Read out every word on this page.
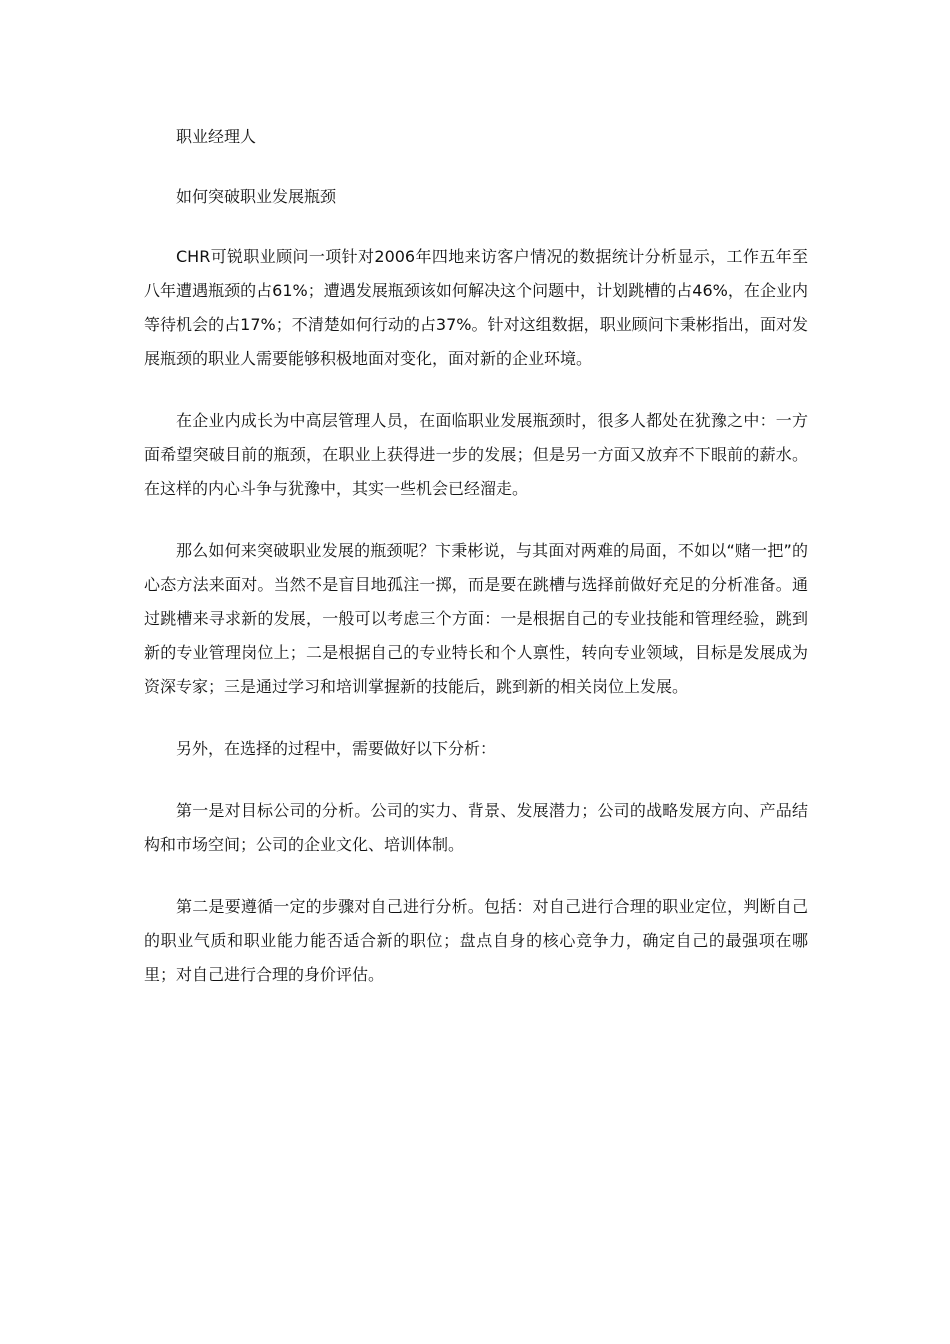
职业经理人

如何突破职业发展瓶颈

CHR可锐职业顾问一项针对2006年四地来访客户情况的数据统计分析显示，工作五年至八年遭遇瓶颈的占61%；遭遇发展瓶颈该如何解决这个问题中，计划跳槽的占46%，在企业内等待机会的占17%；不清楚如何行动的占37%。针对这组数据，职业顾问卞秉彬指出，面对发展瓶颈的职业人需要能够积极地面对变化，面对新的企业环境。

在企业内成长为中高层管理人员，在面临职业发展瓶颈时，很多人都处在犹豫之中：一方面希望突破目前的瓶颈，在职业上获得进一步的发展；但是另一方面又放弃不下眼前的薪水。在这样的内心斗争与犹豫中，其实一些机会已经溜走。

那么如何来突破职业发展的瓶颈呢？卞秉彬说，与其面对两难的局面，不如以“赌一把”的心态方法来面对。当然不是盲目地孤注一掷，而是要在跳槽与选择前做好充足的分析准备。通过跳槽来寻求新的发展，一般可以考虑三个方面：一是根据自己的专业技能和管理经验，跳到新的专业管理岗位上；二是根据自己的专业特长和个人禀性，转向专业领域，目标是发展成为资深专家；三是通过学习和培训掌握新的技能后，跳到新的相关岗位上发展。

另外，在选择的过程中，需要做好以下分析：

第一是对目标公司的分析。公司的实力、背景、发展潜力；公司的战略发展方向、产品结构和市场空间；公司的企业文化、培训体制。

第二是要遵循一定的步骤对自己进行分析。包括：对自己进行合理的职业定位，判断自己的职业气质和职业能力能否适合新的职位；盘点自身的核心竞争力，确定自己的最强项在哪里；对自己进行合理的身价评估。
